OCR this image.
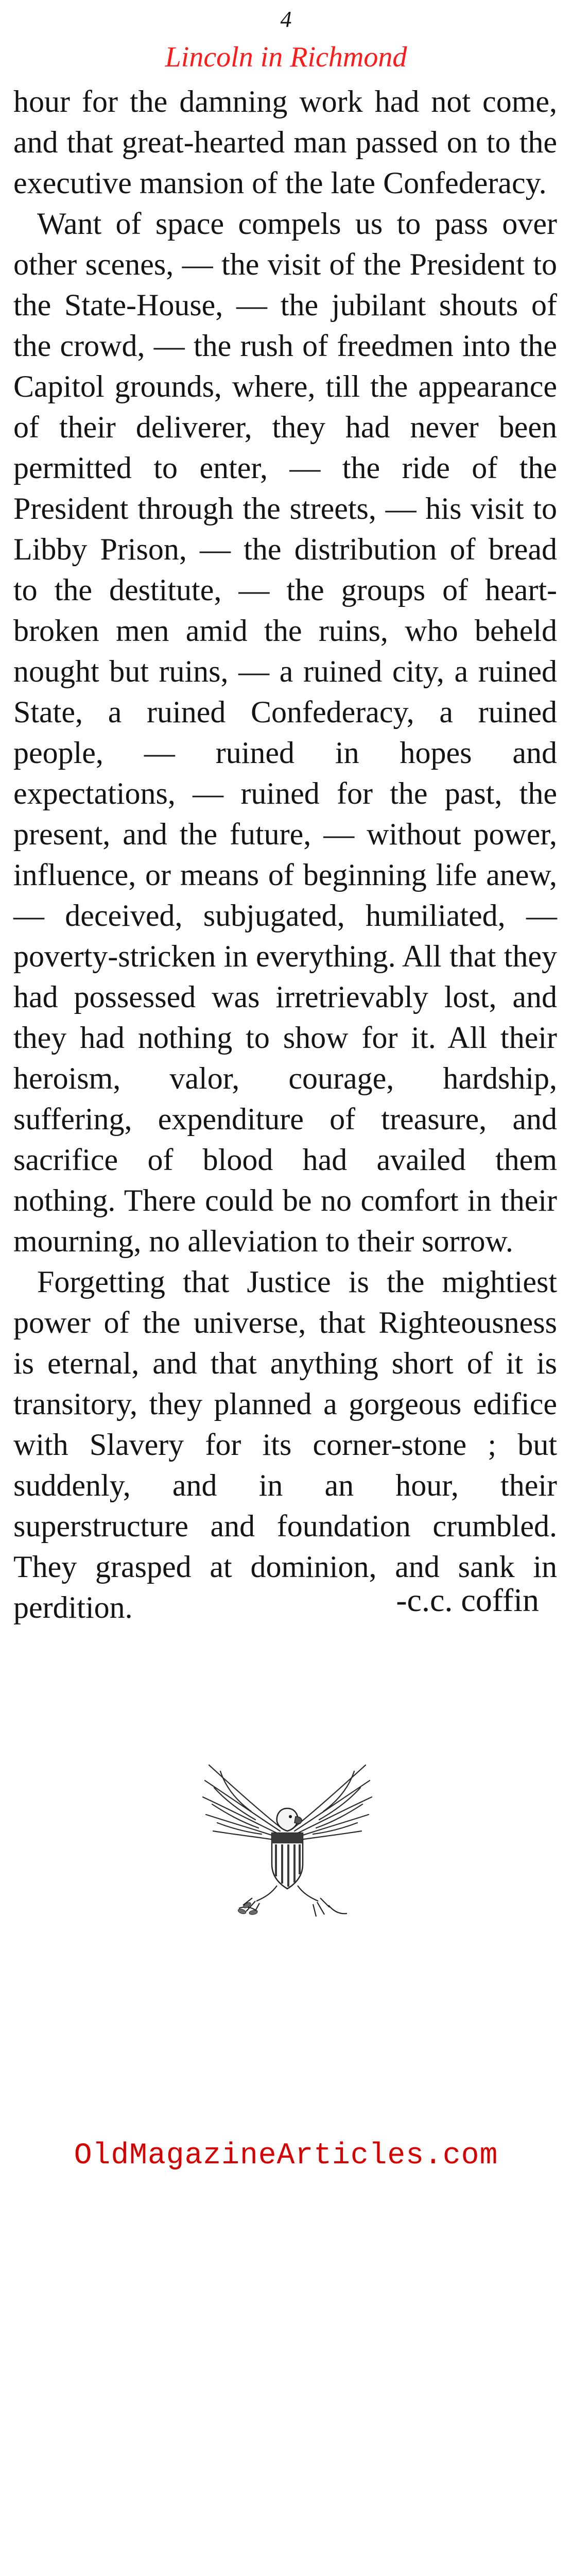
4
Lincoln in Richmond

hour for the damning work had not come, and that great-hearted man passed on to the executive mansion of the late Confederacy.

Want of space compels us to pass over other scenes, — the visit of the President to the State-House, — the jubilant shouts of the crowd, — the rush of freedmen into the Capitol grounds, where, till the appearance of their deliverer, they had never been permitted to enter, — the ride of the President through the streets, — his visit to Libby Prison, — the distribution of bread to the destitute, — the groups of heartbroken men amid the ruins, who beheld nought but ruins, — a ruined city, a ruined State, a ruined Confederacy, a ruined people, — ruined in hopes and expectations, — ruined for the past, the present, and the future, — without power, influence, or means of beginning life anew, — deceived, subjugated, humiliated, — poverty-stricken in everything. All that they had possessed was irretrievably lost, and they had nothing to show for it. All their heroism, valor, courage, hardship, suffering, expenditure of treasure, and sacrifice of blood had availed them nothing. There could be no comfort in their mourning, no alleviation to their sorrow.

Forgetting that Justice is the mightiest power of the universe, that Righteousness is eternal, and that anything short of it is transitory, they planned a gorgeous edifice with Slavery for its corner-stone ; but suddenly, and in an hour, their superstructure and foundation crumbled. They grasped at dominion, and sank in perdition.	-c.c. coffin
OldMagazineArticles.com
